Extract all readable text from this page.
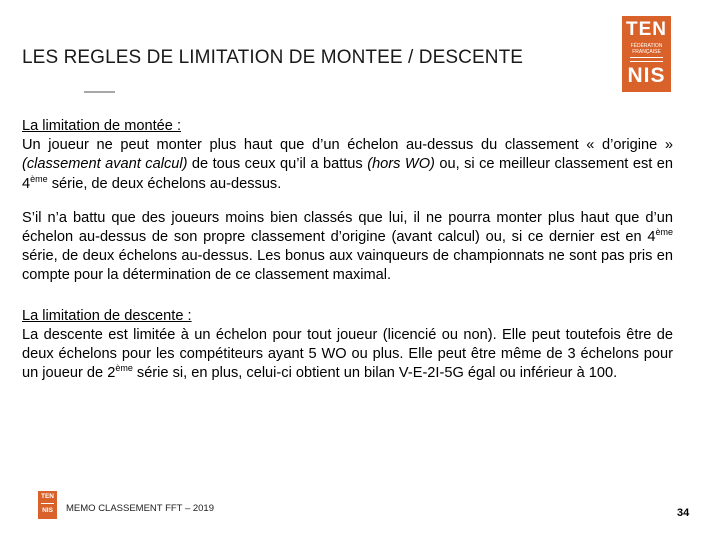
LES REGLES DE LIMITATION DE MONTEE / DESCENTE
TEN
FÉDÉRATION FRANÇAISE
NIS

La limitation de montée :

Un joueur ne peut monter plus haut que d’un échelon au-dessus du classement « d’origine » (classement avant calcul) de tous ceux qu’il a battus (hors WO) ou, si ce meilleur classement est en 4ème série, de deux échelons au-dessus.

S’il n’a battu que des joueurs moins bien classés que lui, il ne pourra monter plus haut que d’un échelon au-dessus de son propre classement d’origine (avant calcul) ou, si ce dernier est en 4ème série, de deux échelons au-dessus. Les bonus aux vainqueurs de championnats ne sont pas pris en compte pour la détermination de ce classement maximal.

La limitation de descente :

La descente est limitée à un échelon pour tout joueur (licencié ou non). Elle peut toutefois être de deux échelons pour les compétiteurs ayant 5 WO ou plus. Elle peut être même de 3 échelons pour un joueur de 2ème série si, en plus, celui-ci obtient un bilan V-E-2I-5G égal ou inférieur à 100.

TEN
NIS	MEMO CLASSEMENT FFT – 2019	34
